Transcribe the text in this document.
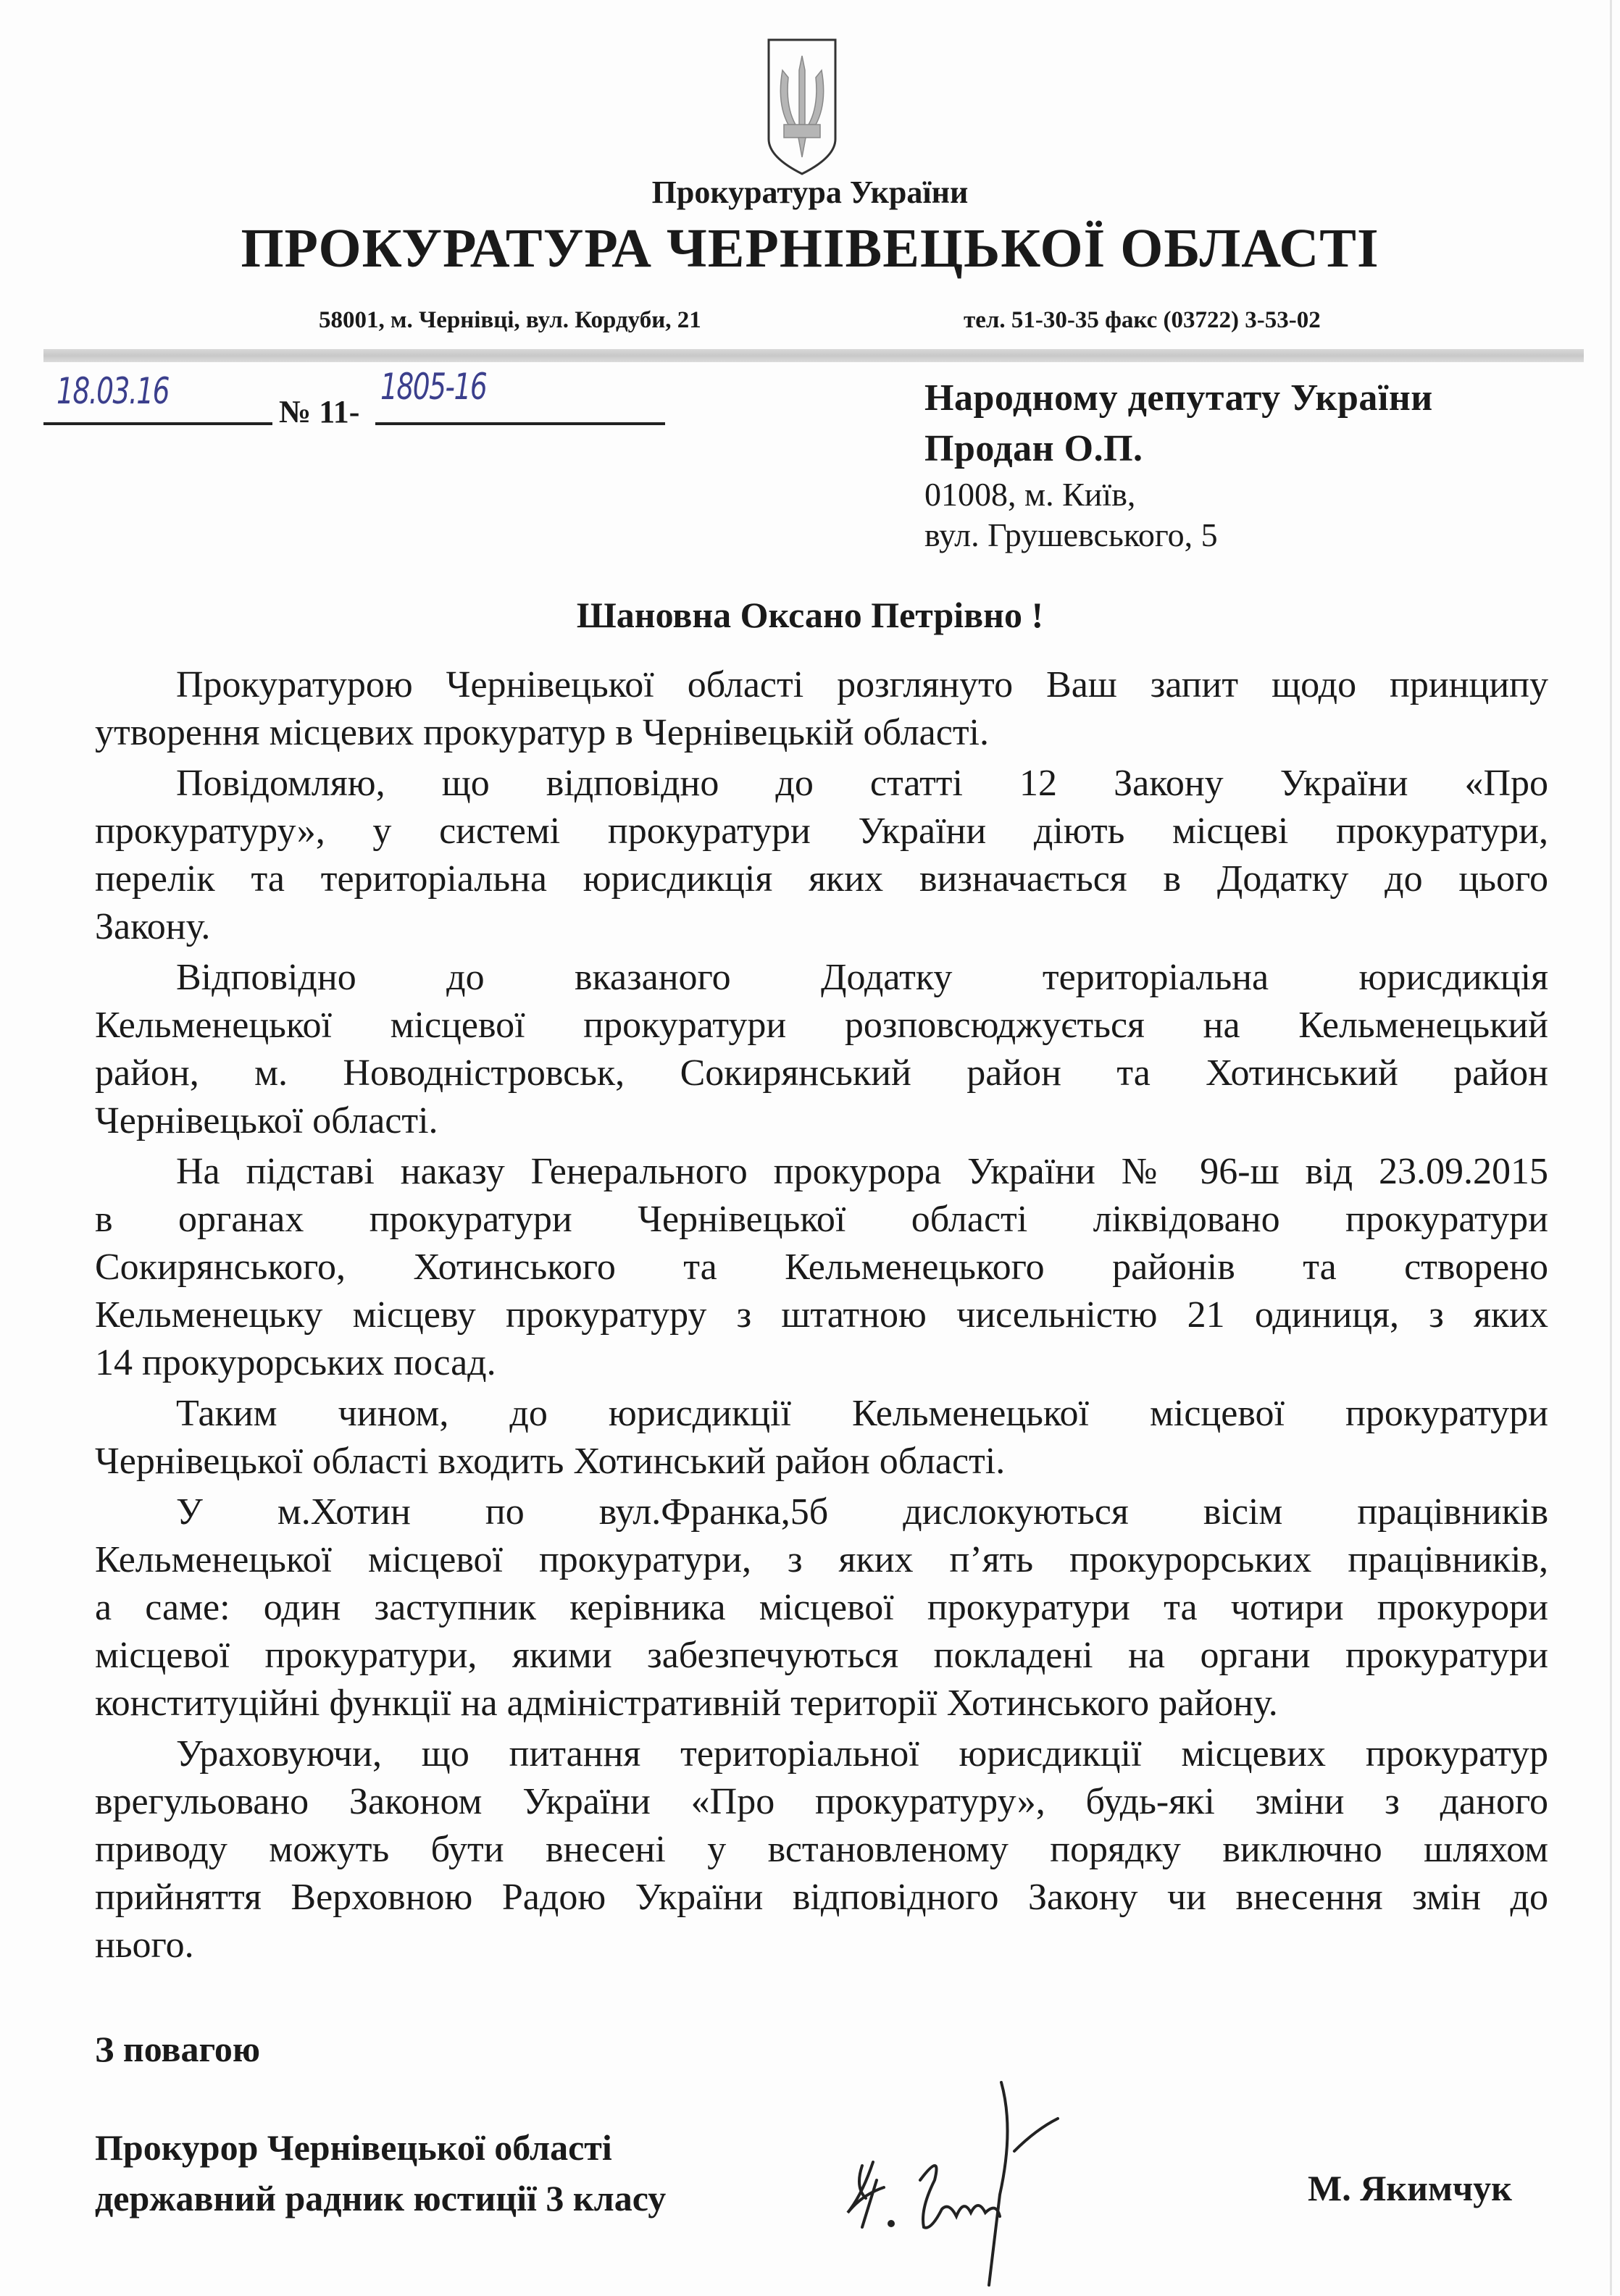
Прокуратура України
ПРОКУРАТУРА ЧЕРНІВЕЦЬКОЇ ОБЛАСТІ
58001, м. Чернівці, вул. Кордуби, 21	тел. 51-30-35 факс (03722) 3-53-02
18.03.16	№ 11-
1805-16	Народному депутату України
Продан О.П.
01008, м. Київ,
вул. Грушевського, 5
Шановна Оксано Петрівно !
Прокуратурою Чернівецької області розглянуто Ваш запит щодо принципу
утворення місцевих прокуратур в Чернівецькій області.
Повідомляю, що відповідно до статті 12 Закону України «Про
прокуратуру», у системі прокуратури України діють місцеві прокуратури,
перелік та територіальна юрисдикція яких визначається в Додатку до цього
Закону.
Відповідно до вказаного Додатку територіальна юрисдикція
Кельменецької місцевої прокуратури розповсюджується на Кельменецький
район, м. Новодністровськ, Сокирянський район та Хотинський район
Чернівецької області.
На підставі наказу Генерального прокурора України № 96-ш від 23.09.2015
в органах прокуратури Чернівецької області ліквідовано прокуратури
Сокирянського, Хотинського та Кельменецького районів та створено
Кельменецьку місцеву прокуратуру з штатною чисельністю 21 одиниця, з яких
14 прокурорських посад.
Таким чином, до юрисдикції Кельменецької місцевої прокуратури
Чернівецької області входить Хотинський район області.
У м.Хотин по вул.Франка,5б дислокуються вісім працівників
Кельменецької місцевої прокуратури, з яких п’ять прокурорських працівників,
а саме: один заступник керівника місцевої прокуратури та чотири прокурори
місцевої прокуратури, якими забезпечуються покладені на органи прокуратури
конституційні функції на адміністративній території Хотинського району.
Ураховуючи, що питання територіальної юрисдикції місцевих прокуратур
врегульовано Законом України «Про прокуратуру», будь-які зміни з даного
приводу можуть бути внесені у встановленому порядку виключно шляхом
прийняття Верховною Радою України відповідного Закону чи внесення змін до
нього.
З повагою
Прокурор Чернівецької області
державний радник юстиції 3 класу	М. Якимчук
